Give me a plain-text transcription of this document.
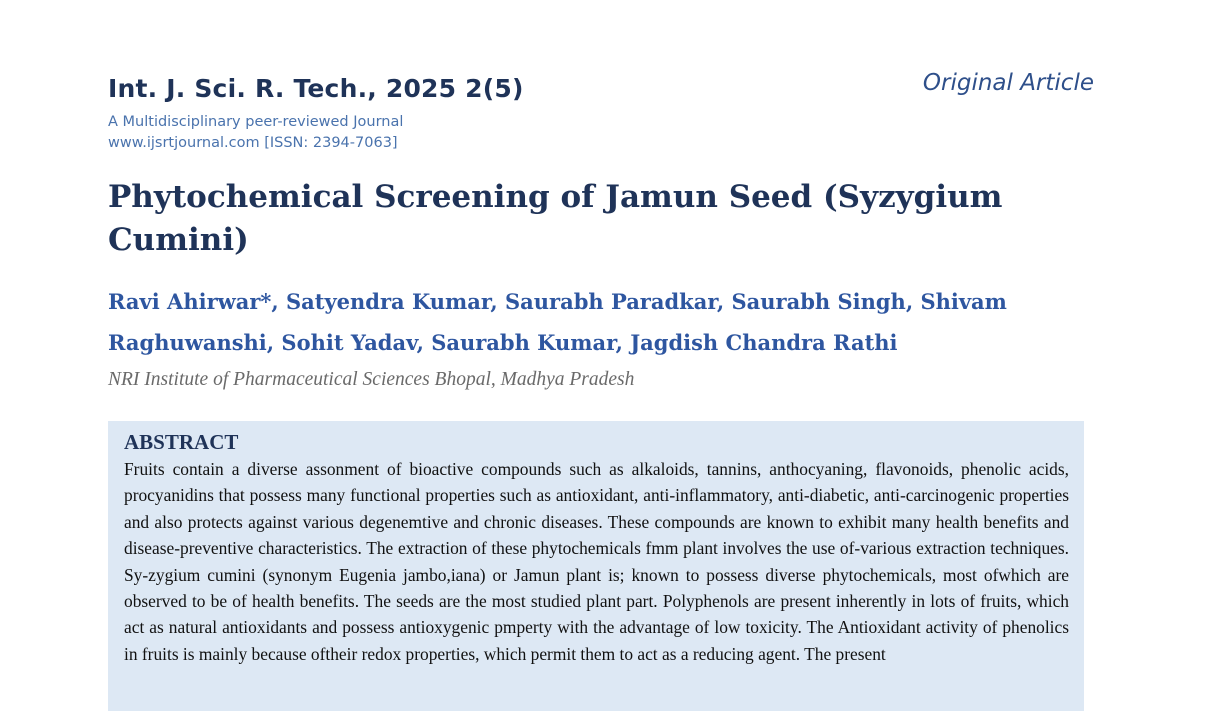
Int. J. Sci. R. Tech., 2025 2(5)	Original Article
A Multidisciplinary peer-reviewed Journal
www.ijsrtjournal.com [ISSN: 2394-7063]
Phytochemical Screening of Jamun Seed (Syzygium Cumini)

Ravi Ahirwar*, Satyendra Kumar, Saurabh Paradkar, Saurabh Singh, Shivam Raghuwanshi, Sohit Yadav, Saurabh Kumar, Jagdish Chandra Rathi

NRI Institute of Pharmaceutical Sciences Bhopal, Madhya Pradesh
ABSTRACT

Fruits contain a diverse assonment of bioactive compounds such as alkaloids, tannins, anthocyaning, flavonoids, phenolic acids, procyanidins that possess many functional properties such as antioxidant, anti-inflammatory, anti-diabetic, anti-carcinogenic properties and also protects against various degenemtive and chronic diseases. These compounds are known to exhibit many health benefits and disease-preventive characteristics. The extraction of these phytochemicals fmm plant involves the use of-various extraction techniques. Sy-zygium cumini (synonym Eugenia jambo,iana) or Jamun plant is; known to possess diverse phytochemicals, most ofwhich are observed to be of health benefits. The seeds are the most studied plant part. Polyphenols are present inherently in lots of fruits, which act as natural antioxidants and possess antioxygenic pmperty with the advantage of low toxicity. The Antioxidant activity of phenolics in fruits is mainly because oftheir redox properties, which permit them to act as a reducing agent. The present
